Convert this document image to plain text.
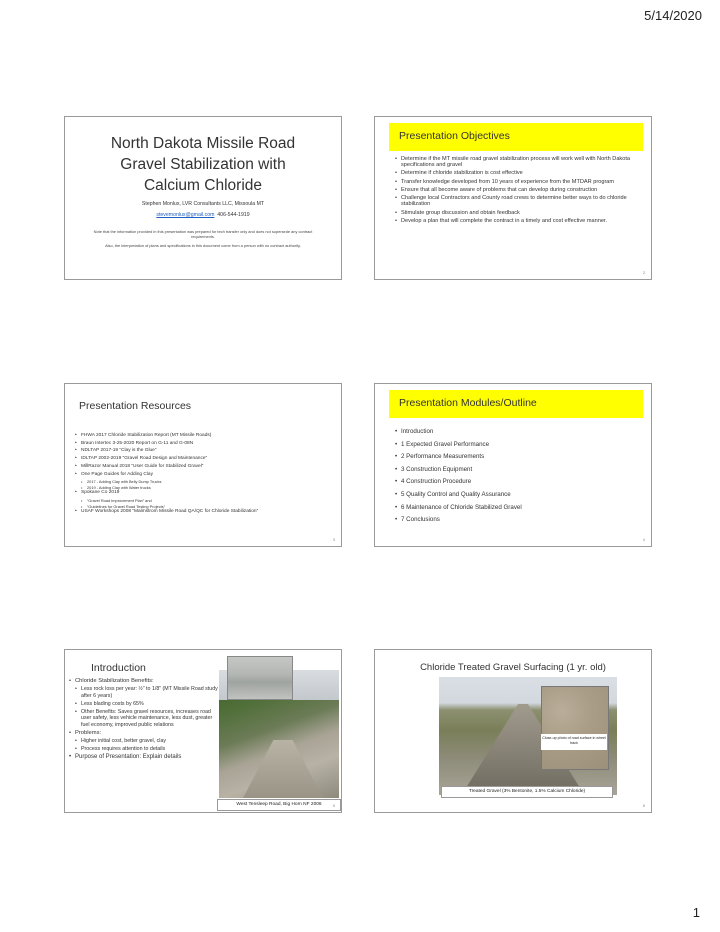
5/14/2020
North Dakota Missile Road
Gravel Stabilization with
Calcium Chloride
Stephen Monlux, LVR Consultants LLC, Missoula MT
stevemonlux@gmail.com 406-544-1919
Note that the information provided in this presentation was prepared for tech transfer only and does not supersede any contract requirements.
Also, the interpretation of plans and specifications in this document come from a person with no contract authority.
Presentation Objectives
• Determine if the MT missile road gravel stabilization process will work well with North Dakota specifications and gravel
• Determine if chloride stabilization is cost effective
• Transfer knowledge developed from 10 years of experience from the MTDAR program
• Ensure that all become aware of problems that can develop during construction
• Challenge local Contractors and County road crews to determine better ways to do chloride stabilization
• Stimulate group discussion and obtain feedback
• Develop a plan that will complete the contract in a timely and cost effective manner.
2
Presentation Resources
• FHWA 2017 Chloride Stabilization Report (MT Missile Roads)
• Braun Intertec 3-25-2020 Report on G-11 and G-08N
• NDLTAP 2017-19 “Clay is the Glue”
• IDLTAP 2002-2019 “Gravel Road Design and Maintenance”
• MillRazor Manual 2018 “User Guide for Stabilized Gravel”
• One Page Guides for Adding Clay
• 2017 - Adding Clay with Belly Dump Trucks
• 2019 - Adding Clay with Water trucks
• Spokane Co 2019
• “Gravel Road Improvement Plan” and
• “Guidelines for Gravel Road Testing Projects”
• USAF Workshops 2008 “Malmstrom Missile Road QA/QC for Chloride Stabilization”
3
Presentation Modules/Outline
• Introduction
• 1 Expected Gravel Performance
• 2 Performance Measurements
• 3 Construction Equipment
• 4 Construction Procedure
• 5 Quality Control and Quality Assurance
• 6 Maintenance of Chloride Stabilized Gravel
• 7 Conclusions
4
Introduction
• Chloride Stabilization Benefits:
• Less rock loss per year: ½” to 1/8” (MT Missile Road study after 6 years)
• Less blading costs by 65%
• Other Benefits: Saves gravel resources, increases road user safety, less vehicle maintenance, less dust, greater fuel economy, improved public relations
• Problems:
• Higher initial cost, better gravel, clay
• Process requires attention to details
• Purpose of Presentation: Explain details
West Tensleep Road, Big Horn NF 2006	5
Chloride Treated Gravel Surfacing (1 yr. old)
Close-up photo of road surface in wheel track
Treated Gravel (3% Bentonite, 1.5% Calcium Chloride)
6
1
